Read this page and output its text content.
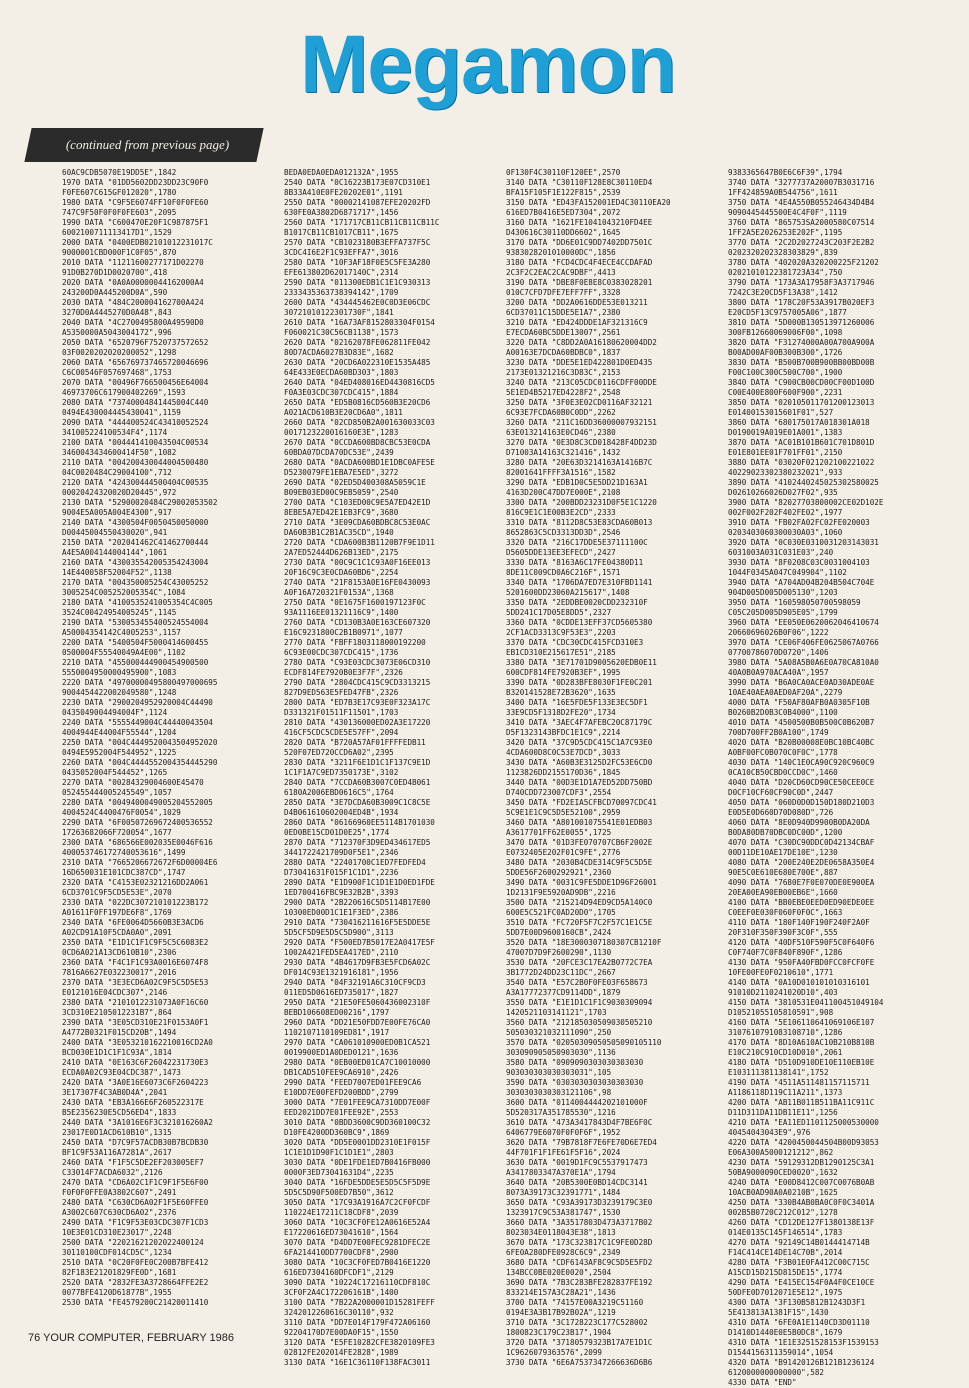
Megamon
(continued from previous page)
60AC9CDB5070E19DD5E",1842
1970 DATA "01DD5602DD23DD23C90F0
F0FE607C615GF012020",1780
1980 DATA "C9F5E6074FF10F0F0FE60
747C9F50F0F0F0FE603",2095
1990 DATA "C600470E20F1C987875F1
6002100711113417D1",1529
2000 DATA "0400EDB02101012231017C
9000001CBD000F1C0F05",870
2010 DATA "11211600277171D02270
91D0B270D1D0020700",418
2020 DATA "0A0A00000044162000A4
243200D0A445200D0A",590
2030 DATA "484C200004162700A424
3270D0A4445270D0A48",843
2040 DATA "4C2700495800A49590D0
A5350000A5043004172",996
2050 DATA "6520796F7520737572652
03F0020202020200052",1298
2060 DATA "656769737465720046696
C6C00546F057697468",1753
2070 DATA "00496F766500456E64004
46973706C617900402269",1593
2080 DATA "73740004841445004C440
0494E430004445430041",1159
2090 DATA "444400524C43410052524
341005224100534F4",1174
2100 DATA "004441410043504C00534
3460043434600414F50",1082
2110 DATA "004200430044004500480
04C0020484C29004100",712
2120 DATA "424300444500404C00535
00020424320020D20445",972
2130 DATA "52900020484C29002053502
9004E5A005A004E4300",917
2140 DATA "4300504F0050450050000
D00445004550430020",941
2150 DATA "202041462C41462700444
A4E5A004144004144",1061
2160 DATA "430035542005354243004
14E440058F52004F52",1138
2170 DATA "004350005254C43005252
3005254C005252005354C",1084
2180 DATA "4100535241005354C4C005
3524C00424954005245",1145
2190 DATA "530053455400524554004
A50004354142C4005253",1157
2200 DATA "5400504F5000414600455
0500004F55540049A4E00",1102
2210 DATA "455000444900454900500
5550004950000495900",1083
2220 DATA "49700000495800497000695
9004454422002049580",1248
2230 DATA "2900204952920004C44490
0435049004494004F",1124
2240 DATA "5555449004C44440043504
4004944E44004F55544",1204
2250 DATA "004C4449520043504952020
0494E5952004F544952",1225
2260 DATA "004C4444552004354445290
0435052004F544452",1265
2270 DATA "00284329004600E45470
052455444005245549",1057
2280 DATA "0049400049005204552005
4004524C4400476F0054",1029
2290 DATA "6F00507269672400536552
17263682066F720054",1677
2300 DATA "686566E002035E0046F616
400053746172740053616",1499
2310 DATA "7665206672672F6D00004E6
16D650031E101CDC387CD",1747
2320 DATA "C4153E02321216DD2A061
6CD3701C9F5CD5E53E",2070
2330 DATA "022DC307210101223B172
A01611F0FF197DE6F8",1769
2340 DATA "6FE0064D5660B3E3ACD6
A02CD91A10F5CDA0A0",2091
2350 DATA "E1D1C1F1C9F5C5C6083E2
0CD6A021A13CD610B10",2306
2360 DATA "F4C1F1C93A0016E6074F8
7816A6627E032230017",2016
2370 DATA "3E3ECD6A02C9F5C5D5E53
E0121016E04CDC307",2146
2380 DATA "2101012231073A0F16C60
3CD310E2105012231B7",864
2390 DATA "3E05CD310E21F0153A0F1
A4772B0321F015CD20B",1494
2400 DATA "3E053210162210016CD2A0
BCD030E1D1C1F1C93A",1814
2410 DATA "0E163C6F26042231730E3
ECDA0A02C93E04CDC387",1473
2420 DATA "3A0E16E6073C6F2604223
3E17307F4C3AB0D4A",2041
2430 DATA "EB3A166E6F260522317E
B5E2356230E5CD56ED4",1833
2440 DATA "3A1016E6F3C321016260A2
23017E0D1ACD610B10",1315
2450 DATA "D7C9F57ACDB30B7BCDB30
BF1C9F53A116A7281A",2617
2460 DATA "F1F5C5DE2EF203005EF7
C33014F7ACDA6032",2126
2470 DATA "CD6A02C1F1C9F1F5E6F00
F0F0F0FFE0A3802C607",2491
2480 DATA "C630CD6A02F1F5E60FFE0
A3002C607C630CD6A02",2376
2490 DATA "F1C9F53E03CDC307F1CD3
10E3E01CD310E23017",2248
2500 DATA "22021621202022400124
30110100CDF014CD5C",1234
2510 DATA "0C20F0FE0C200B7BFE412
82F183E21201829FE0D",1681
2520 DATA "2832FE3A3728664FFE2E2
0077BFE4120D61877B",1955
2530 DATA "FE4579200C21420011410
BEDA0EDA0EDA012132A",1955
2540 DATA "0C16223B173E07CD310E1
8B33A410E0FE20202E01",1191
2550 DATA "00002141087EFE20202FD
630FE0A3802D6871717",1456
2560 DATA "171717CB11CB11CB11CB11C
B1017CB11CB1017CB11",1675
2570 DATA "CB1023180B3EFFA737F5C
3CDC4I6E2F1C93EFFA7",3016
2580 DATA "10F3AF18F0E5C5FE3A280
EFE613802D62017140C",2314
2590 DATA "011300EDB1C1E1C930313
2333435363738394142",1709
2600 DATA "434445462E0C0D3E06CDC
30721010122301730F",1841
2610 DATA "16A73AF8152803304F0154
F060021C30C56CB1138",1573
2620 DATA "02162078FE062811FE042
80D7ACDA6027B3D83E",1682
2630 DATA "20CD6A022310E1535A485
64E433E0ECDA60BD303",1803
2640 DATA "04ED408016ED4430816CD5
F0A3E03CDC307CDC415",1884
2650 DATA "ED5B0816CD560B3E20CD6
A021ACD610B3E20CD6A0",1811
2660 DATA "02CD850B2A001630033C03
0017123220016160E3E",1283
2670 DATA "0CCDA600BD8CBC53E0CDA
60BDA07DCDA70DC53E",2439
2680 DATA "0ACDA600BD1E1DBC0AFE5E
D5230079FE1EBA7E5ED",3272
2690 DATA "02ED5D400308A5059C1E
B09EB03ED00C9EB5059",2540
2700 DATA "C103ED00C9E5A7ED42E1D
8EBE5A7ED42E1EB3FC9",3680
2710 DATA "3E09CDA60BDBC8C53E0AC
DA60B3B1C2B1AC35CD",1940
2720 DATA "CDA600B3B1120B7F9E1D11
2A7ED52444D626B13ED",2175
2730 DATA "00C9C1C1C93A0F16EE013
20F16C9C3E0CDA60BD6",2254
2740 DATA "21F8153A0E16FE0430093
A0F16A720321F0153A",1368
2750 DATA "0E1675F1600197123F0C
93A1116EE01321116C9",1400
2760 DATA "CD130B3A0E163CE607320
E16C9231800C2B1B0971",1077
2770 DATA "FBFF1803118000192200
6C93E00CDC307CDC415",1736
2780 DATA "C93E03CDC3073E06CD310
ECDF814FE7920B0E3F7F",2326
2790 DATA "2804CDC415C9CD3313215
827D9ED563E5FED47FB",2326
2800 DATA "ED7B3E17C93E0F323A17C
D331321F01511F11501",1703
2810 DATA "430136000ED02A3E17220
416CF5CDC5CDE5E57FF",2094
2820 DATA "B720A57AF01FFFFEDB11
520F07ED720CCD6A02",2395
2830 DATA "3211F6E1D1C1F137C9E1D
1C1F1A7C9ED7350173E",3102
2840 DATA "7CCDA60B3007C0ED4B061
6180A2006EBD0616C5",1764
2850 DATA "3E7DCDA60B3009C1C8C5E
D4B061610602004ED4B",1934
2860 DATA "06166960EE5114B1701030
0ED0BE15CD01D0E25",1774
2870 DATA "712370F3D9ED434617ED5
3441722421709D0F5E1",2346
2880 DATA "22401700C1ED7FEDFED4
D73041631F015F1C1D1",2236
2890 DATA "E1D900F1C1D1E1D0ED1FDE
1ED700416FBC9E32B2B",3393
2900 DATA "2B220616C5D5114B17E00
10300ED00D1C1E1F3ED",2386
2910 DATA "730416211616F5E5DDE5E
5D5CF5D9E5D5C5D900",3113
2920 DATA "F500ED7B5017E2A0417E5F
1002A421FED5EA417ED",2110
2930 DATA "4B4617D9FB3E5FCD6A02C
DF014C93E1321916181",1956
2940 DATA "04F32191A6C310CF9CD3
011ED5D0616ED735017",1827
2950 DATA "21E50FE5060436002310F
BEBD106608ED00216",1797
2960 DATA "DD21E50FDD7E00FE76CA0
1102107110109ED81",1917
2970 DATA "CA061010900ED0B1CA521
0019900ED1A0DED0121",1636
2980 DATA "0EB00ED01CA7C10010000
DB1CAD510FEE9CA6910",2426
2990 DATA "FEED7007ED01FEE9CA6
E10DD7E00FEFD200BDD",2799
3000 DATA "7E01FEE9CA7310DD7E00F
EED2021DD7E01FEE92E",2553
3010 DATA "0BDD3600C9DD360100C32
D10FE4200DD360BC9",1869
3020 DATA "DD5E0001DD2310E1F015F
1C1E1D1D90F1C1D1E1",2803
3030 DATA "0DE1FDE1ED7B0416FB000
0000F3ED73041631D4",2235
3040 DATA "16FDE5DDE5E5D5C5F5D9E
5D5C5D90F500ED7B50",3612
3050 DATA "17C93A1916A7C2CF0FCDF
110224E17211C18CDF8",2039
3060 DATA "10C3CF0FE12A0616E52A4
E17220616ED73041610",1564
3070 DATA "D4DD7E00FEC9281DFEC2E
6FA214410DD7700CDF8",2900
3080 DATA "10C3CF0FED7B0416E1220
616ED7304160DFCDF1",2129
3090 DATA "10224C17216110CDF810C
3CF0F2A4C172206161B",1400
3100 DATA "7B22A2000001D15281FEFF
3242012260616C30110",932
3110 DATA "DD7E014F179F472A06160
92204170D7E00DA0F15",1550
3120 DATA "E5FE10282CFE3820109FE3
02812FE202014FE2828",1989
3130 DATA "16E1C36110F138FAC3011
0F130F4C30110F120EE",2570
3140 DATA "C30110F128E8C30110ED4
BFA15F105F1E122F815",2539
3150 DATA "ED43FA152001ED4C30110EA20
616ED7B0416E5ED7304",2072
3160 DATA "1621FE1041043210FD4EE
D430616C30110DD6602",1645
3170 DATA "DD6E01C9DD7402DD7501C
9383028201010000DC",1856
3180 DATA "FCD4CDC4F4ECE4CCDAFAD
2C3F2C2EAC2CAC9DBF",4413
3190 DATA "DBE8F0E8E8C0383028201
010C7CFD7DFE7EFF7FF",3328
3200 DATA "DD2A0616DDE53E013211
6CD37011C15DDE5E1A7",2380
3210 DATA "ED424DDDE1AF321316C9
E7ECDA60BC5DDE13007",2561
3220 DATA "C8DD2A0A16180620004DD2
A00163E7DCDA60BDBC0",1837
3230 DATA "DDE5E1ED422801D0ED435
2173E01321216C3D83C",2153
3240 DATA "213C05CDC0116CDFF00DDE
5E1ED4B5217ED4228F2",2548
3250 DATA "3F0E3E02CD0116AF32121
6C93E7FCDA60B0C0DD",2262
3260 DATA "211C16DD36000007932151
63E013214163E0CD46",2380
3270 DATA "0E3D8C3CD018428F4DD23D
D71003A14163C321416",1432
3280 DATA "20E63D3214163A1416B7C
82001641FFFF3A1516",1582
3290 DATA "EDB1D0C5E5DD21D163A1
4163D200C47DD7E000E",2108
3300 DATA "200BDD23231D0F5E1C1220
816C9E1C1E00B3E2CD",2333
3310 DATA "8112D8C53E83CDA60B013
8652863C5CD3313DD3D",2546
3320 DATA "216C17DDE5E37111100C
D5605DDE13EE3EFECD",2427
3330 DATA "8163A6C17FE04380D11
8DE11C009CD0A6C216F",1571
3340 DATA "1706DA7ED7E310FBD1141
5201600DD23060A215617",1408
3350 DATA "2EDDBE0020CDD232310F
5DD241C17D05E8DD5",2327
3360 DATA "0CDDE13EFF37CD5605380
2CF1ACD3313C9F53E3",2203
3370 DATA "CDC30CDC415FCD310E3
EB1CD310E215617E51",2185
3380 DATA "3E71701D9005620EDB0E11
600CDF814FE7920B3EF",1995
3390 DATA "0D283BFE8030F1FE0C201
B320141528E72B3620",1635
3400 DATA "16E5FDE5F133E3EC5DF1
33E9CD5F1318D2FE20",1734
3410 DATA "3AEC4F7AFEBC20C87179C
D5F1323143BFDC1E1C9",2214
3420 DATA "37C9D5CDC415C1A7C93E0
4CDA600D8C0C53E7DCD",3033
3430 DATA "A60B3E3125D2FC53E6CD0
1123826DD2155170D36",1845
3440 DATA "00D3E1D1A7ED52DD750BD
D740CDD723007CDF3",2554
3450 DATA "FD2EIA5CFBCD70097CDC41
5C9E1E1C9C5D5E52100",2959
3460 DATA "A801001075541E01EDB03
A3617701FF62E0055",1725
3470 DATA "01D3FE070707CB6F2002E
E0732405E202F01C9FE",2776
3480 DATA "2030B4CDE314C9F5C5D5E
5DDE56F2600292921",2360
3490 DATA "0031C9FE5DDE1D96F26001
1D2131F9E5920AD9DB",2216
3500 DATA "215214D94ED9CD5A140C0
600E5C521FC0AD20D0",1705
3510 DATA "FC720F5F7C2F57C1E1C5E
5DD7E00D9600160CB",2424
3520 DATA "18E3000307180307CB1210F
47007D7D9F2600290",1130
3530 DATA "20FCE3C17EA2B0772C7EA
3B1772D24DD23C11DC",2667
3540 DATA "E57C2B0F0FE03F658673
A3A17772377CD9114DD",1879
3550 DATA "E1E1D1C1F1C9030309094
1420521103141121",1703
3560 DATA "212185030509030505210
505030321032111090",250
3570 DATA "02050309050505090105110
303090905050903030",1136
3580 DATA "0909090303030303030
903030303030303031",105
3590 DATA "0303030303030303030
3030303030303121106",98
3600 DATA "0114004444202101000F
5D520317A351785530",1216
3610 DATA "473A3417843D4F7BE6F0C
6406779E6070F0F0F6F",1952
3620 DATA "79B7818F7E6FE70D6E7ED4
44F701F1F1FE61F5F16",2024
3630 DATA "0019D1FC9C5537917473
A3417803347A370E1A",1794
3640 DATA "20B5300E0BD14CDC3141
8073A39173C32391771",1484
3650 DATA "C93A39173D3239179C3E0
1323917C9C53A381747",1530
3660 DATA "3A3517803D473A3717B02
8023034E0118043E38",1813
3670 DATA "173C323817C1C9FE0D28D
6FE0A280DFE0928C6C9",2349
3680 DATA "CDF6143AF8C9C5D5E5FD2
134BCC0BE020E0020",2504
3690 DATA "7B3C283BFE282837FE192
833214E157A3C28A21",1436
3700 DATA "74157E00A3219C51160
0194E3A3B17B92B02A",1219
3710 DATA "3C1728223C177C528002
1800823C179C23B17",1904
3720 DATA "37180579323B17A7E1D1C
1C9626079363576",2099
3730 DATA "6E6A7537347266636D6B6
9383365647B0E6C6F39",1794
3740 DATA "3277737A20007B3031716
1FF424859A0B544756",1611
3750 DATA "4E4A550B055246434D4B4
9090445445500E4C4F0F",1119
3760 DATA "865753SA2000580C07514
1FF2A5E2026253E202F",1195
3770 DATA "2C2D2027243C203F2E2B2
0202320202328303829",839
3780 DATA "402020A320200225F21202
02021010122381723A34",750
3790 DATA "173A3A17958F3A3717946
7242C3E20CD5F13A38",1412
3800 DATA "178C20F53A3917B020EF3
E20CD5F13C9757005A06",1877
3810 DATA "5D000B130513971260006
300FB12660069006F00",1098
3820 DATA "F31274000A00A700A900A
B00AD00AF00B300B300",1726
3830 DATA "B500B700B900BB00BD00B
F00C100C300C500C700",1900
3840 DATA "C900CB00CD00CF00D100D
C00E400E800F600F900",2231
3850 DATA "020105011701200123013
E01400153015601F01",527
3860 DATA "680175017A018301A018
D0190019A019E01A001",1383
3870 DATA "AC01B101B601C701D801D
E01E801EE01F701FF01",2150
3880 DATA "03020F021202100221022
40229023302380232021",933
3890 DATA "4102440245025302580025
D02610266026D027F02",935
3900 DATA "82027703800002CE02D102E
002F002F202F402FE02",1977
3910 DATA "FB02FA02FC02FE020003
0203403060300030A03",1060
3920 DATA "0C030E0310031203143031
6031003A031C031E03",240
3930 DATA "8F0208C03C0031004103
1044F0345A047C049904",1102
3940 DATA "A704AD04B204B504C704E
904D005D005D005130",1203
3950 DATA "160598050700598059
C05C205D005D905E05",1799
3960 DATA "EE050E0620062046410674
20660696026B0F06",1222
3970 DATA "CE06F406FE0625067A0766
07700786070D0720",1406
3980 DATA "5A08A5B0A6E0A70CA810A0
40A0B0A970ACA40A",1957
3990 DATA "B6A0CA0ACE0AD30ADE0AE
10AE40AEA0AED0AF20A",2279
4000 DATA "F50AF80AFB0A0305F10B
B0260B2D0B3C0B4000",1100
4010 DATA "4500500B0B500C0B620B7
700D700FF2B0A100",1749
4020 DATA "B20B00008E0BC10BC40BC
A0BF00FC0B070C0F0C",1778
4030 DATA "140C1E0CA90C920C960C9
0CA10CB50CBD0CCD0C",1460
4040 DATA "D20CD60CD90CE50CEE0CE
D0CF10CF60CF90C0D",2447
4050 DATA "060D0D0D150D180D210D3
E0D5E0D660D70D080D",726
4060 DATA "8E0D940D9900B0DA20DA
B0DA80DB70DBC0DC00D",1200
4070 DATA "C30DC90DDC0D42134CBAF
00D11DE10AE17DE10E",1230
4080 DATA "200E240E2DE0658A350E4
90E5C0E610E680E700E",887
4090 DATA "7680E7F0E070DE0E900EA
20EA00EA90EB00EB6E",1660
4100 DATA "BB0EBE0EED0ED90EDE0EE
C0EEF0E030F060F0F0C",1663
4110 DATA "180F140F190F240F2A0F
20F310F350F390F3C0F",555
4120 DATA "40DF510F590F5C0F640F6
C0F740F7C0F840F890F",1286
4130 DATA "950FA40FBD0FCC0FCF0FE
10FE00FE0F0210610",1771
4140 DATA "0A10D010101010316101
91010D2110241020D10",403
4150 DATA "3810531E041100451049104
D10521055105810591",908
4160 DATA "5E106110641069106E107
3107610791083108710",1286
4170 DATA "8D10A610AC10B210B810B
E10C210C910CD10D010",2061
4180 DATA "D510D910DE10E110EB10E
E103111381138141",1752
4190 DATA "4511A511481157115711
A1186118D119C11A211",1373
4200 DATA "AB11B011B511BA11C911C
D11D311DA11DB11E11",1256
4210 DATA "EA11ED1101125000530000
40454043043E9",976
4220 DATA "4200450044504B00D93053
E06A300A5000121212",862
4230 DATA "59129312DB1290125C3A1
50BA9000090CED0020",1632
4240 DATA "E00D8412C007C0076B0AB
10ACB0AD90A0A0210B",1625
4250 DATA "330B4AB0BA0C0F0C3401A
002B5B0720C212C012",1278
4260 DATA "CD12DE127F1380138E13F
014E0135C145F146514",1783
4270 DATA "92149C14B0144414714B
F14C414CE14DE14C70B",2014
4280 DATA "F3B01E0FA412C00C715C
A15CD15D215D815DE15",1774
4290 DATA "E415EC154F0A4F0CE10CE
50DFE0D7012071E5E12",1975
4300 DATA "3F130B5812B1243D3F1
5E413813A1381F15",1430
4310 DATA "6FE0A1E1140CD3D01110
D1410D1440E0E5B0DC8",1679
4310 DATA "1E1E3251528153F1539153
D1544156311359014",1054
4320 DATA "B91420126B121B1236124
6120000000000000",582
4330 DATA "END"
76 YOUR COMPUTER, FEBRUARY 1986
